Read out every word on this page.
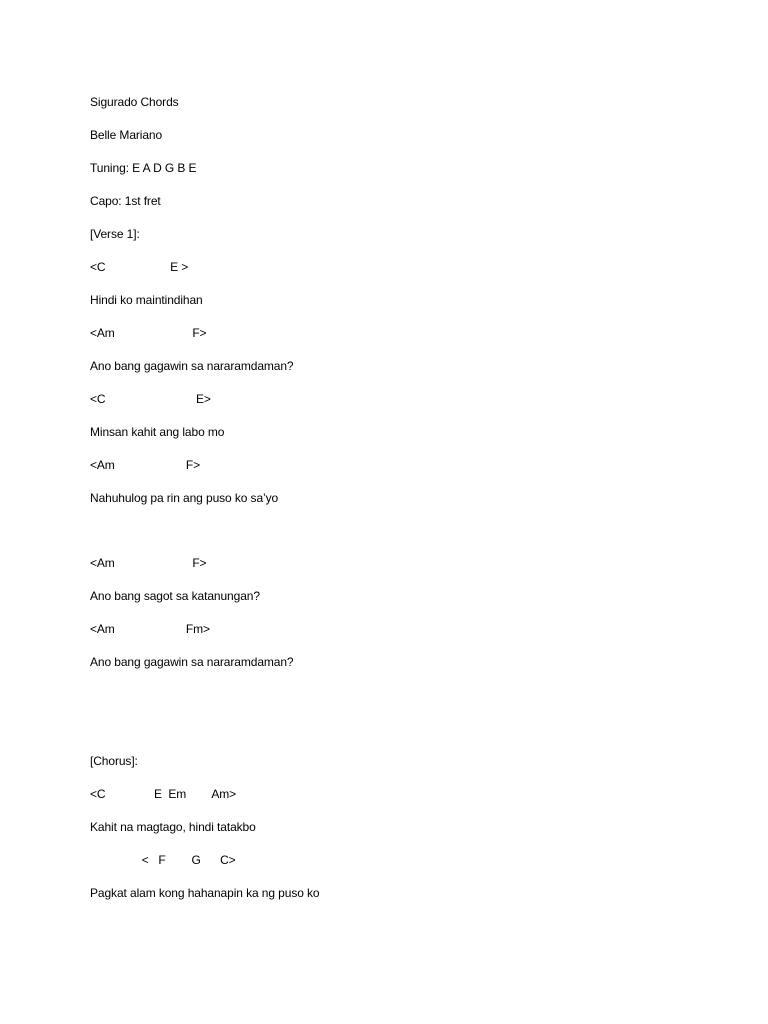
Sigurado Chords
Belle Mariano
Tuning: E A D G B E
Capo: 1st fret
[Verse 1]:
<C                    E >
Hindi ko maintindihan
<Am                        F>
Ano bang gagawin sa nararamdaman?
<C                            E>
Minsan kahit ang labo mo
<Am                      F>
Nahuhulog pa rin ang puso ko sa’yo
<Am                        F>
Ano bang sagot sa katanungan?
<Am                      Fm>
Ano bang gagawin sa nararamdaman?
[Chorus]:
<C               E  Em        Am>
Kahit na magtago, hindi tatakbo
<   F        G      C>
Pagkat alam kong hahanapin ka ng puso ko
